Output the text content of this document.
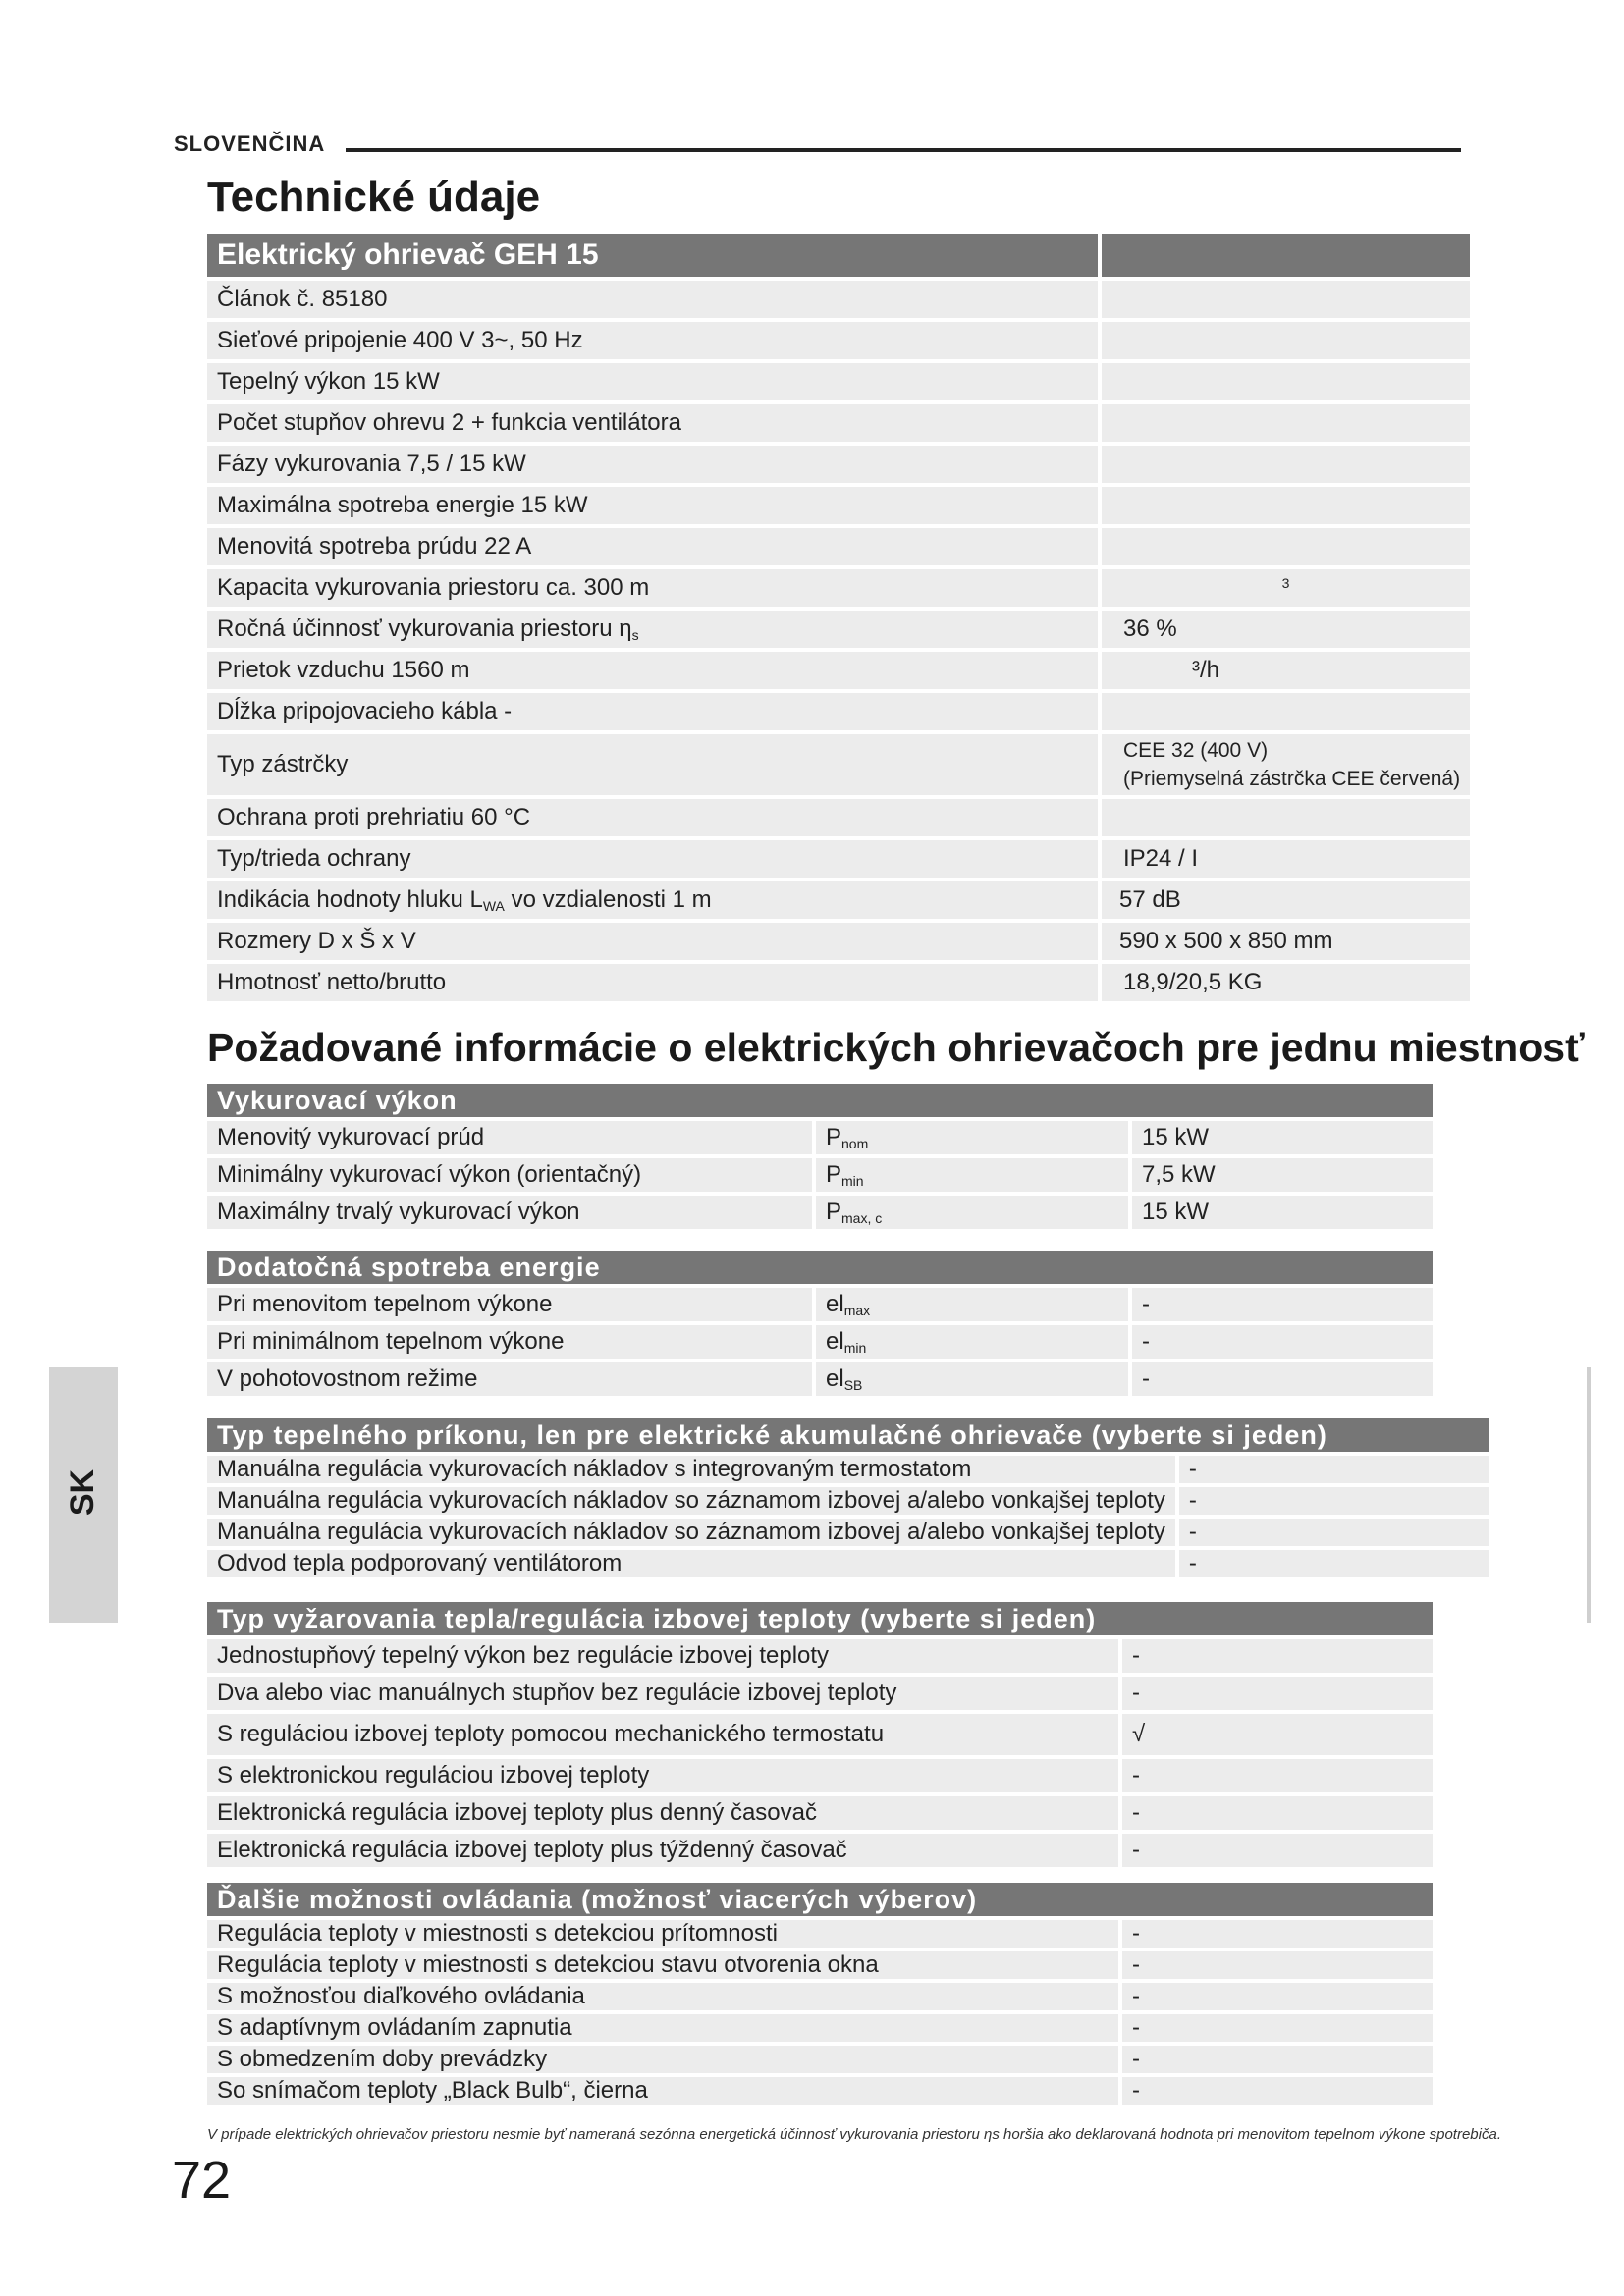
SLOVENČINA
Technické údaje
Elektrický ohrievač GEH 15	
Článok č. 85180	
Sieťové pripojenie 400 V 3~, 50 Hz	
Tepelný výkon 15 kW	
Počet stupňov ohrevu 2 + funkcia ventilátora	
Fázy vykurovania 7,5 / 15 kW	
Maximálna spotreba energie 15 kW	
Menovitá spotreba prúdu 22 A	
Kapacita vykurovania priestoru ca. 300 m	3
Ročná účinnosť vykurovania priestoru $\eta_s$	36 %
Prietok vzduchu 1560 m	³/h
Dĺžka pripojovacieho kábla -	
Typ zástrčky	CEE 32 (400 V)
(Priemyselná zástrčka CEE červená)

Ochrana proti prehriatiu 60 °C	
Typ/trieda ochrany	IP24 / I
Indikácia hodnoty hluku $L_{WA}$ vo vzdialenosti 1 m	57 dB
Rozmery D x Š x V	590 x 500 x 850 mm
Hmotnosť netto/brutto	18,9/20,5 KG
Požadované informácie o elektrických ohrievačoch pre jednu miestnosť
Vykurovací výkon		
Menovitý vykurovací prúd	$P_{nom}$	15 kW
Minimálny vykurovací výkon (orientačný)	$P_{min}$	7,5 kW
Maximálny trvalý vykurovací výkon	$P_{max, c}$	15 kW
Dodatočná spotreba energie		
Pri menovitom tepelnom výkone	$el_{max}$	-
Pri minimálnom tepelnom výkone	$el_{min}$	-
V pohotovostnom režime	$el_{SB}$	-
Typ tepelného príkonu, len pre elektrické akumulačné ohrievače (vyberte si jeden)	
Manuálna regulácia vykurovacích nákladov s integrovaným termostatom	-
Manuálna regulácia vykurovacích nákladov so záznamom izbovej a/alebo vonkajšej teploty	-
Manuálna regulácia vykurovacích nákladov so záznamom izbovej a/alebo vonkajšej teploty	-
Odvod tepla podporovaný ventilátorom	-
Typ vyžarovania tepla/regulácia izbovej teploty (vyberte si jeden)	
Jednostupňový tepelný výkon bez regulácie izbovej teploty	-
Dva alebo viac manuálnych stupňov bez regulácie izbovej teploty	-
S reguláciou izbovej teploty pomocou mechanického termostatu	√
S elektronickou reguláciou izbovej teploty	-
Elektronická regulácia izbovej teploty plus denný časovač	-
Elektronická regulácia izbovej teploty plus týždenný časovač	-
Ďalšie možnosti ovládania (možnosť viacerých výberov)	
Regulácia teploty v miestnosti s detekciou prítomnosti	-
Regulácia teploty v miestnosti s detekciou stavu otvorenia okna	-
S možnosťou diaľkového ovládania	-
S adaptívnym ovládaním zapnutia	-
S obmedzením doby prevádzky	-
So snímačom teploty „Black Bulb“, čierna	-
SK
V prípade elektrických ohrievačov priestoru nesmie byť nameraná sezónna energetická účinnosť vykurovania priestoru ηs horšia ako deklarovaná hodnota pri menovitom tepelnom výkone spotrebiča.
72
